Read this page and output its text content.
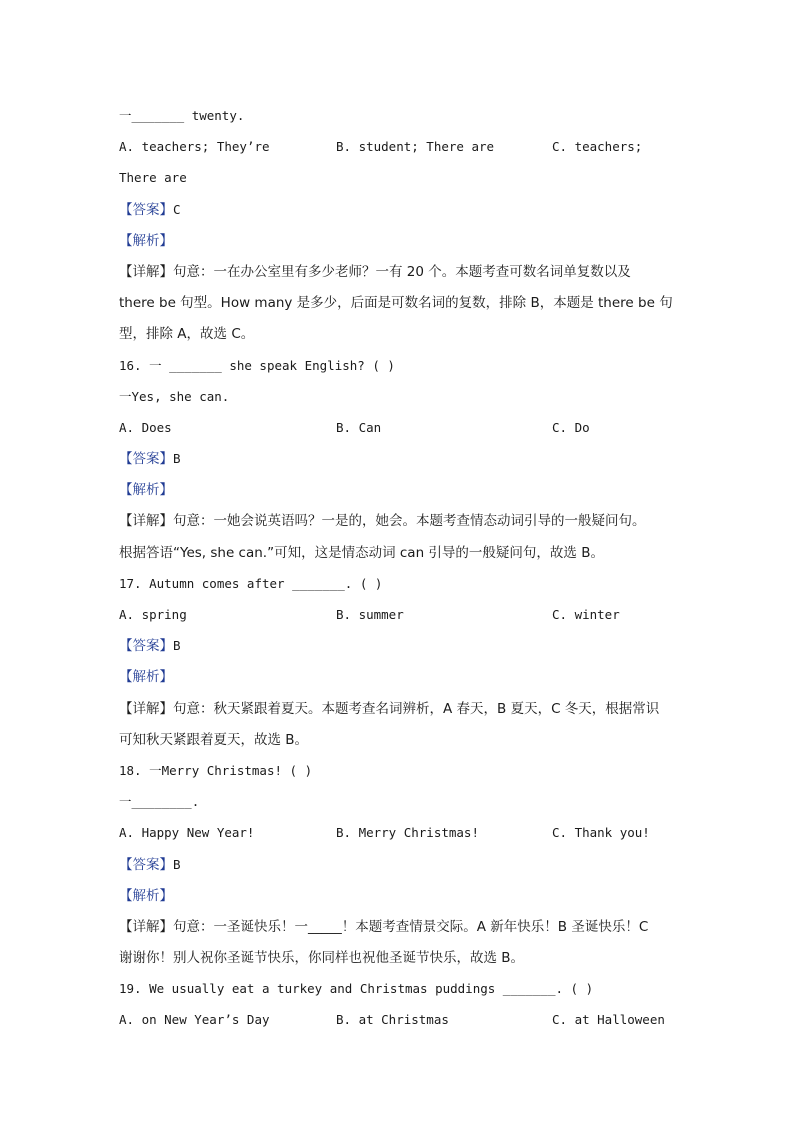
一_______ twenty.
A. teachers; They’re	B. student; There are	C. teachers;
There are
【答案】C
【解析】
【详解】句意：一在办公室里有多少老师？一有 20 个。本题考查可数名词单复数以及
there be 句型。How many 是多少，后面是可数名词的复数，排除 B，本题是 there be 句
型，排除 A，故选 C。
16. 一 _______ she speak English? ( )
一Yes, she can.
A. Does	B. Can	C. Do
【答案】B
【解析】
【详解】句意：一她会说英语吗？一是的，她会。本题考查情态动词引导的一般疑问句。
根据答语“Yes, she can.”可知，这是情态动词 can 引导的一般疑问句，故选 B。
17. Autumn comes after _______. ( )
A. spring	B. summer	C. winter
【答案】B
【解析】
【详解】句意：秋天紧跟着夏天。本题考查名词辨析，A 春天，B 夏天，C 冬天，根据常识
可知秋天紧跟着夏天，故选 B。
18. 一Merry Christmas! ( )
一________.
A. Happy New Year!	B. Merry Christmas!	C. Thank you!
【答案】B
【解析】
【详解】句意：一圣诞快乐！一_____！本题考查情景交际。A 新年快乐！B 圣诞快乐！C
谢谢你！别人祝你圣诞节快乐，你同样也祝他圣诞节快乐，故选 B。
19. We usually eat a turkey and Christmas puddings _______. ( )
A. on New Year’s Day	B. at Christmas	C. at Halloween
